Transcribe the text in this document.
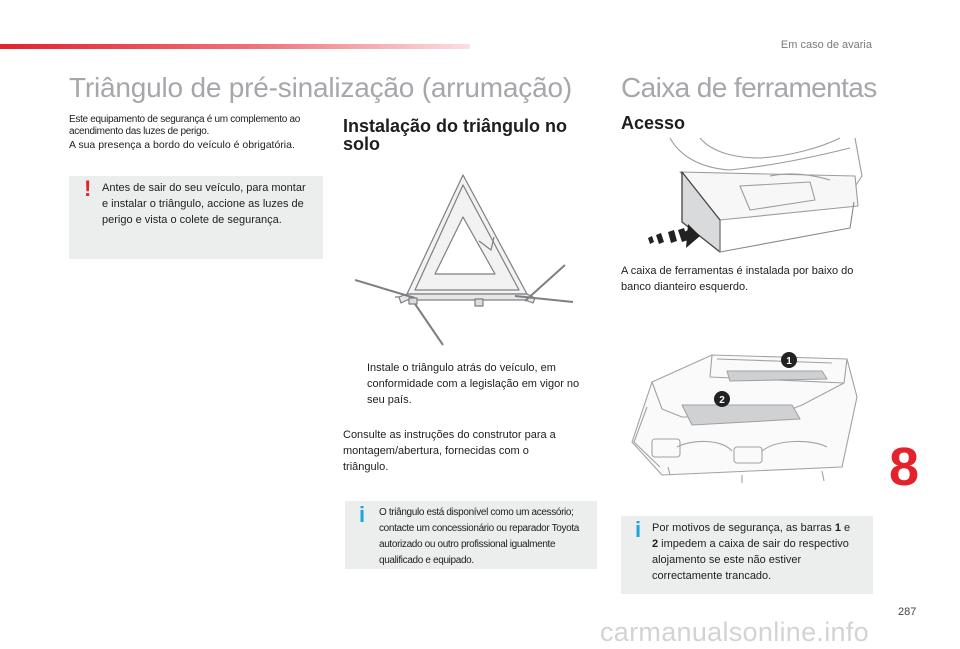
Em caso de avaria
Triângulo de pré-sinalização (arrumação) Caixa de ferramentas

Este equipamento de segurança é um complemento ao acendimento das luzes de perigo.

A sua presença a bordo do veículo é obrigatória.

! Antes de sair do seu veículo, para montar e instalar o triângulo, accione as luzes de perigo e vista o colete de segurança.
Instalação do triângulo no solo
Acesso
Instale o triângulo atrás do veículo, em conformidade com a legislação em vigor no seu país.
Consulte as instruções do construtor para a montagem/abertura, fornecidas com o triângulo.
i O triângulo está disponível como um acessório; contacte um concessionário ou reparador Toyota autorizado ou outro profissional igualmente qualificado e equipado.
A caixa de ferramentas é instalada por baixo do banco dianteiro esquerdo.
1
2
i Por motivos de segurança, as barras 1 e 2 impedem a caixa de sair do respectivo alojamento se este não estiver correctamente trancado.
8
287
carmanualsonline.info
